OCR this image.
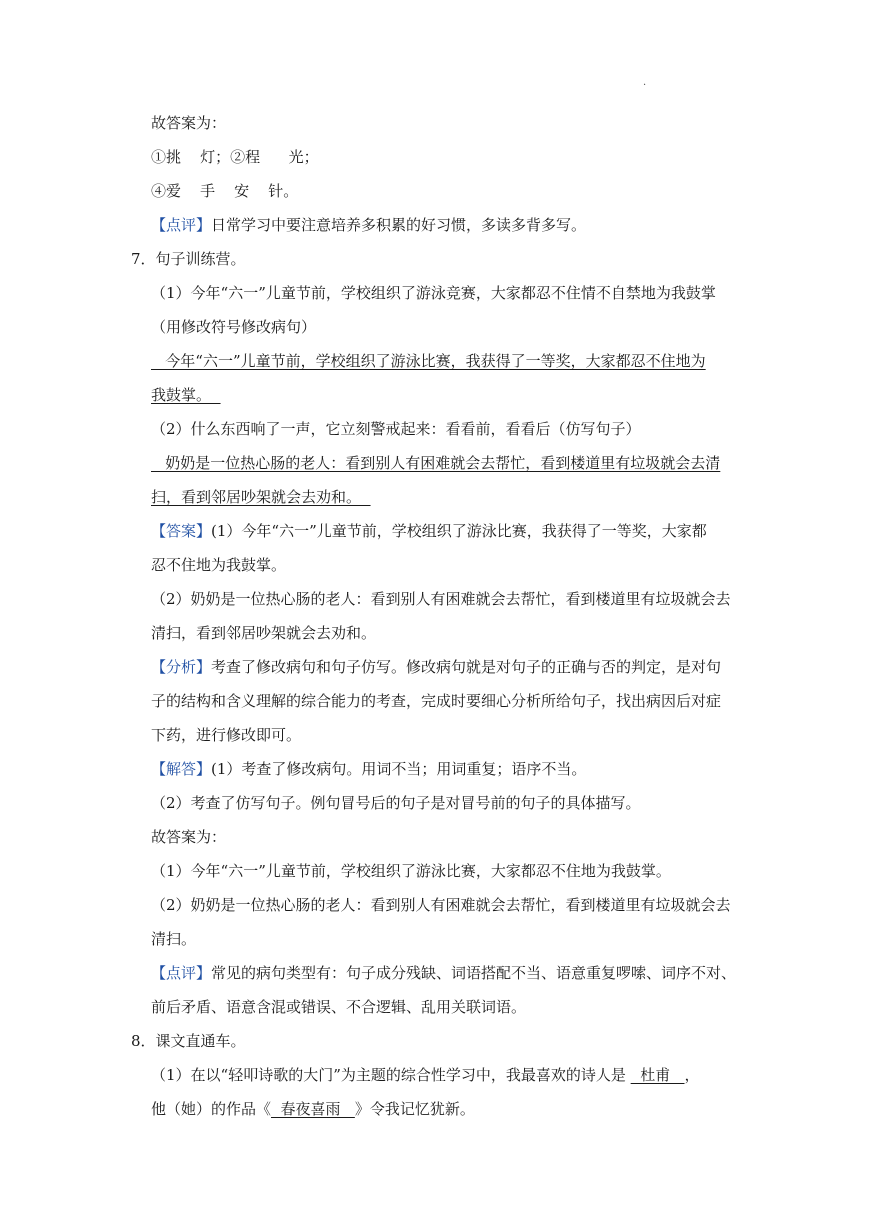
·
故答案为：
①挑    灯；②程      光；
④爱    手    安    针。
【点评】日常学习中要注意培养多积累的好习惯，多读多背多写。
7．句子训练营。
（1）今年“六一”儿童节前，学校组织了游泳竞赛，大家都忍不住情不自禁地为我鼓掌
（用修改符号修改病句）
今年“六一”儿童节前，学校组织了游泳比赛，我获得了一等奖，大家都忍不住地为
我鼓掌。
（2）什么东西响了一声，它立刻警戒起来：看看前，看看后（仿写句子）
奶奶是一位热心肠的老人：看到别人有困难就会去帮忙，看到楼道里有垃圾就会去清
扫，看到邻居吵架就会去劝和。
【答案】(1）今年“六一”儿童节前，学校组织了游泳比赛，我获得了一等奖，大家都
忍不住地为我鼓掌。
（2）奶奶是一位热心肠的老人：看到别人有困难就会去帮忙，看到楼道里有垃圾就会去
清扫，看到邻居吵架就会去劝和。
【分析】考查了修改病句和句子仿写。修改病句就是对句子的正确与否的判定，是对句
子的结构和含义理解的综合能力的考查，完成时要细心分析所给句子，找出病因后对症
下药，进行修改即可。
【解答】(1）考查了修改病句。用词不当；用词重复；语序不当。
（2）考查了仿写句子。例句冒号后的句子是对冒号前的句子的具体描写。
故答案为：
（1）今年“六一”儿童节前，学校组织了游泳比赛，大家都忍不住地为我鼓掌。
（2）奶奶是一位热心肠的老人：看到别人有困难就会去帮忙，看到楼道里有垃圾就会去
清扫。
【点评】常见的病句类型有：句子成分残缺、词语搭配不当、语意重复啰嗦、词序不对、
前后矛盾、语意含混或错误、不合逻辑、乱用关联词语。
8．课文直通车。
（1）在以“轻叩诗歌的大门”为主题的综合性学习中，我最喜欢的诗人是   杜甫   ，
他（她）的作品《  春夜喜雨   》令我记忆犹新。
